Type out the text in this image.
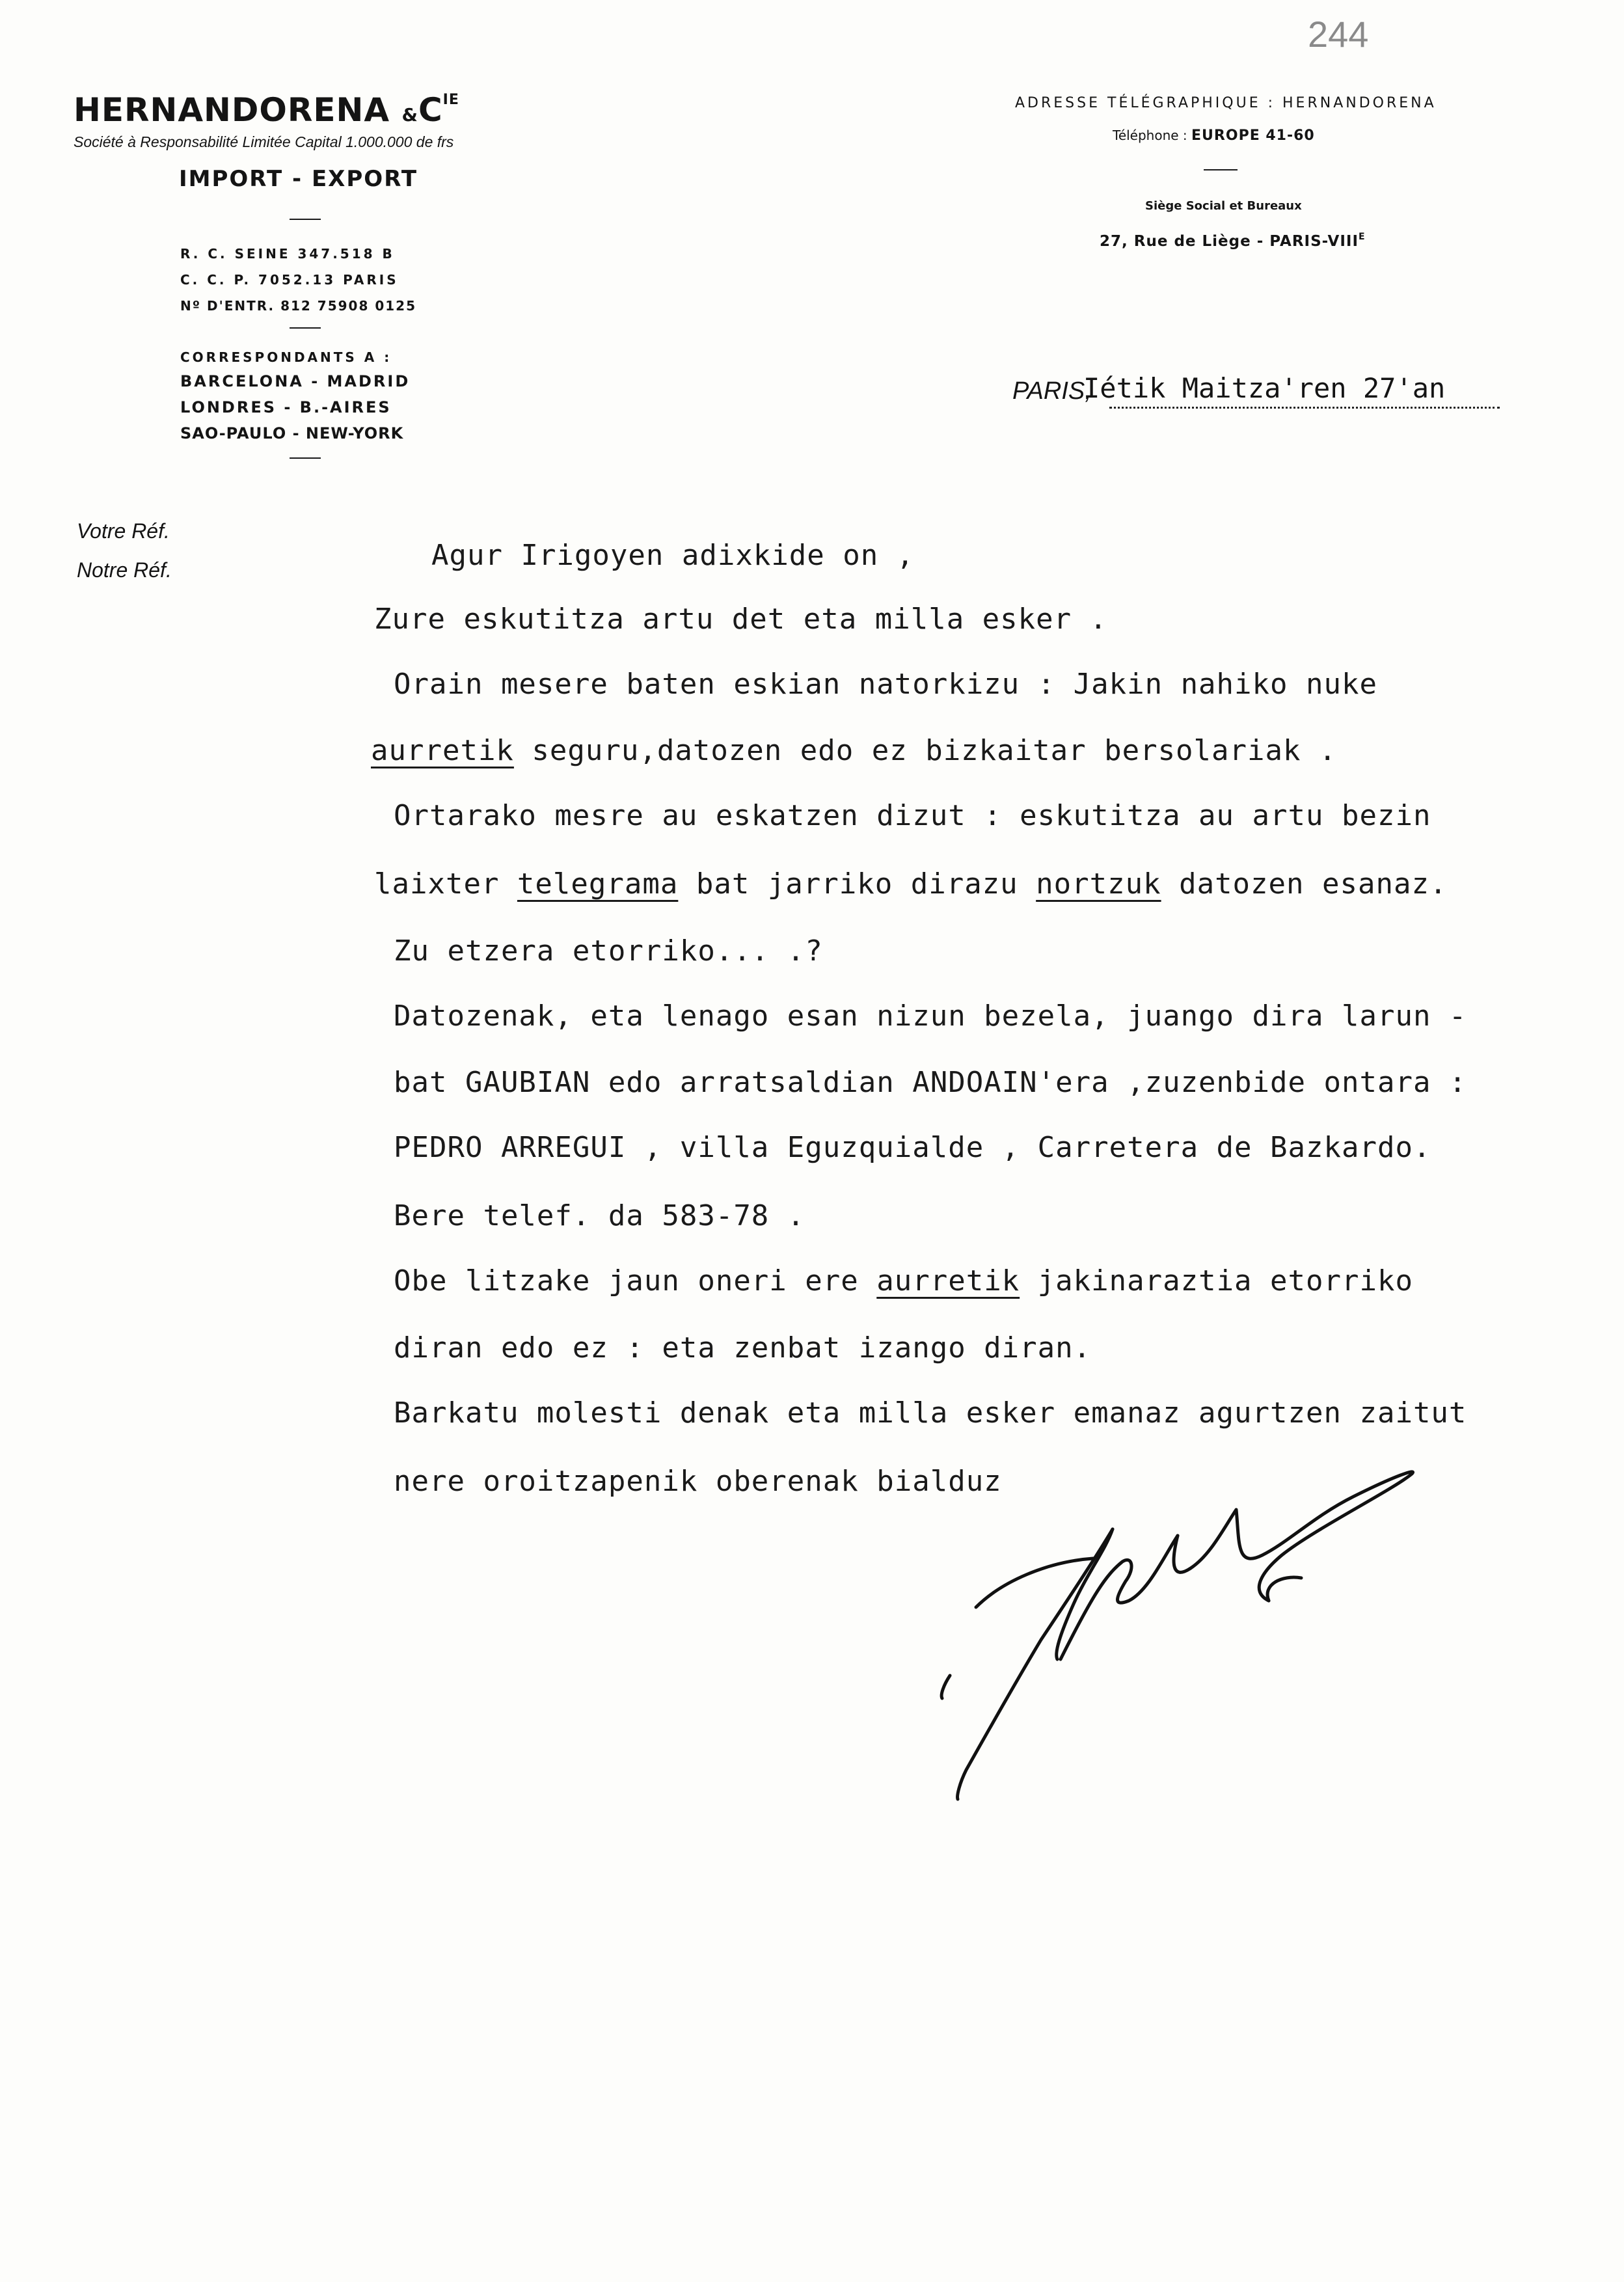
244
HERNANDORENA $\&C^{IE}$
Société à Responsabilité Limitée Capital 1.000.000 de frs
IMPORT - EXPORT
R. C. SEINE 347.518 B
C. C. P. 7052.13 PARIS
Nº D'ENTR. 812 75908 0125
CORRESPONDANTS A :
BARCELONA - MADRID
LONDRES - B.-AIRES
SAO-PAULO - NEW-YORK
ADRESSE TÉLÉGRAPHIQUE : HERNANDORENA
Téléphone : EUROPE 41-60
Siège Social et Bureaux
27, Rue de Liège - PARIS-$VIII^E$
PARIS,
Iétik Maitza'ren 27'an
Votre Réf.
Notre Réf.	Agur Irigoyen adixkide on ,
Zure eskutitza artu det eta milla esker .
Orain mesere baten eskian natorkizu : Jakin nahiko nuke
aurretik seguru,datozen edo ez bizkaitar bersolariak .
Ortarako mesre au eskatzen dizut : eskutitza au artu bezin
laixter telegrama bat jarriko dirazu nortzuk datozen esanaz.
Zu etzera etorriko... .?
Datozenak, eta lenago esan nizun bezela, juango dira larun -
bat GAUBIAN edo arratsaldian ANDOAIN'era ,zuzenbide ontara :
PEDRO ARREGUI , villa Eguzquialde , Carretera de Bazkardo.
Bere telef. da 583-78 .
Obe litzake jaun oneri ere aurretik jakinaraztia etorriko
diran edo ez : eta zenbat izango diran.
Barkatu molesti denak eta milla esker emanaz agurtzen zaitut
nere oroitzapenik oberenak bialduz
